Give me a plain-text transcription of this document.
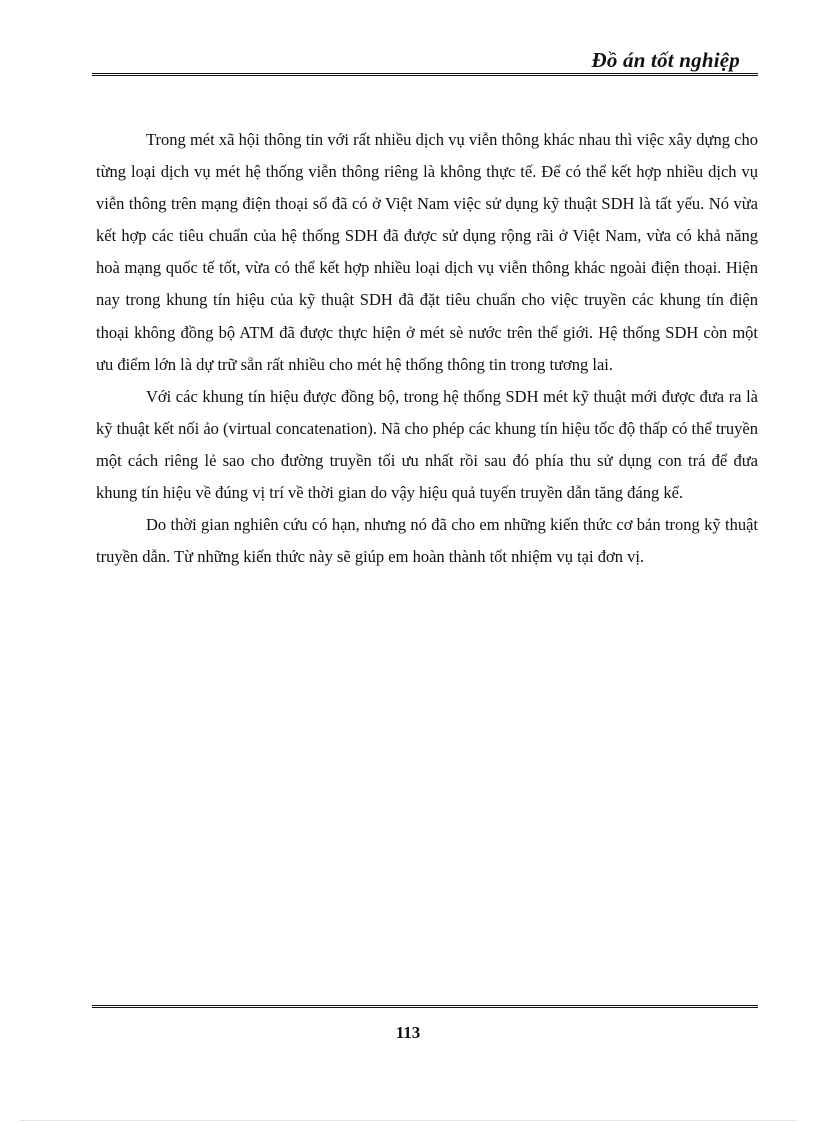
Đồ án tốt nghiệp

Trong mét xã hội thông tin với rất nhiều dịch vụ viễn thông khác nhau thì việc xây dựng cho từng loại dịch vụ mét hệ thống viễn thông riêng là không thực tế. Để có thể kết hợp nhiều dịch vụ viễn thông trên mạng điện thoại số đã có ở Việt Nam việc sử dụng kỹ thuật SDH là tất yếu. Nó vừa kết hợp các tiêu chuẩn của hệ thống SDH đã được sử dụng rộng rãi ở Việt Nam, vừa có khả năng hoà mạng quốc tế tốt, vừa có thể kết hợp nhiều loại dịch vụ viễn thông khác ngoài điện thoại. Hiện nay trong khung tín hiệu của kỹ thuật SDH đã đặt tiêu chuẩn cho việc truyền các khung tín điện thoại không đồng bộ ATM đã được thực hiện ở mét sè nước trên thế giới. Hệ thống SDH còn một ưu điểm lớn là dự trữ sẵn rất nhiều cho mét hệ thống thông tin trong tương lai.

Với các khung tín hiệu được đồng bộ, trong hệ thống SDH mét kỹ thuật mới được đưa ra là kỹ thuật kết nối ảo (virtual concatenation). Nã cho phép các khung tín hiệu tốc độ thấp có thể truyền một cách riêng lẻ sao cho đường truyền tối ưu nhất rồi sau đó phía thu sử dụng con trá để đưa khung tín hiệu về đúng vị trí về thời gian do vậy hiệu quả tuyến truyền dẫn tăng đáng kể.

Do thời gian nghiên cứu có hạn, nhưng nó đã cho em những kiến thức cơ bản trong kỹ thuật truyền dẫn. Từ những kiến thức này sẽ giúp em hoàn thành tốt nhiệm vụ tại đơn vị.

113
